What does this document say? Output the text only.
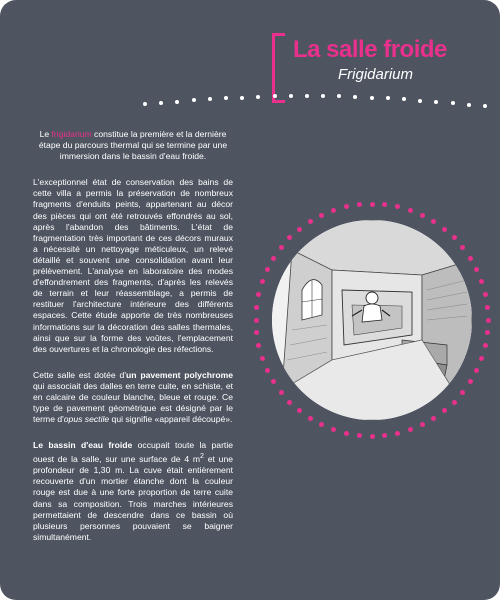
La salle froide
Frigidarium

Le frigidarium constitue la première et la dernière étape du parcours thermal qui se termine par une immersion dans le bassin d'eau froide.

L'exceptionnel état de conservation des bains de cette villa a permis la préservation de nombreux fragments d'enduits peints, appartenant au décor des pièces qui ont été retrouvés effondrés au sol, après l'abandon des bâtiments. L'état de fragmentation très important de ces décors muraux a nécessité un nettoyage méticuleux, un relevé détaillé et souvent une consolidation avant leur prélèvement. L'analyse en laboratoire des modes d'effondrement des fragments, d'après les relevés de terrain et leur réassemblage, a permis de restituer l'architecture intérieure des différents espaces. Cette étude apporte de très nombreuses informations sur la décoration des salles thermales, ainsi que sur la forme des voûtes, l'emplacement des ouvertures et la chronologie des réfections.

Cette salle est dotée d'un pavement polychrome qui associait des dalles en terre cuite, en schiste, et en calcaire de couleur blanche, bleue et rouge. Ce type de pavement géométrique est désigné par le terme d'opus sectile qui signifie «appareil découpé».

Le bassin d'eau froide occupait toute la partie ouest de la salle, sur une surface de 4 $m^2$ et une profondeur de 1,30 m. La cuve était entièrement recouverte d'un mortier étanche dont la couleur rouge est due à une forte proportion de terre cuite dans sa composition. Trois marches intérieures permettaient de descendre dans ce bassin où plusieurs personnes pouvaient se baigner simultanément.
